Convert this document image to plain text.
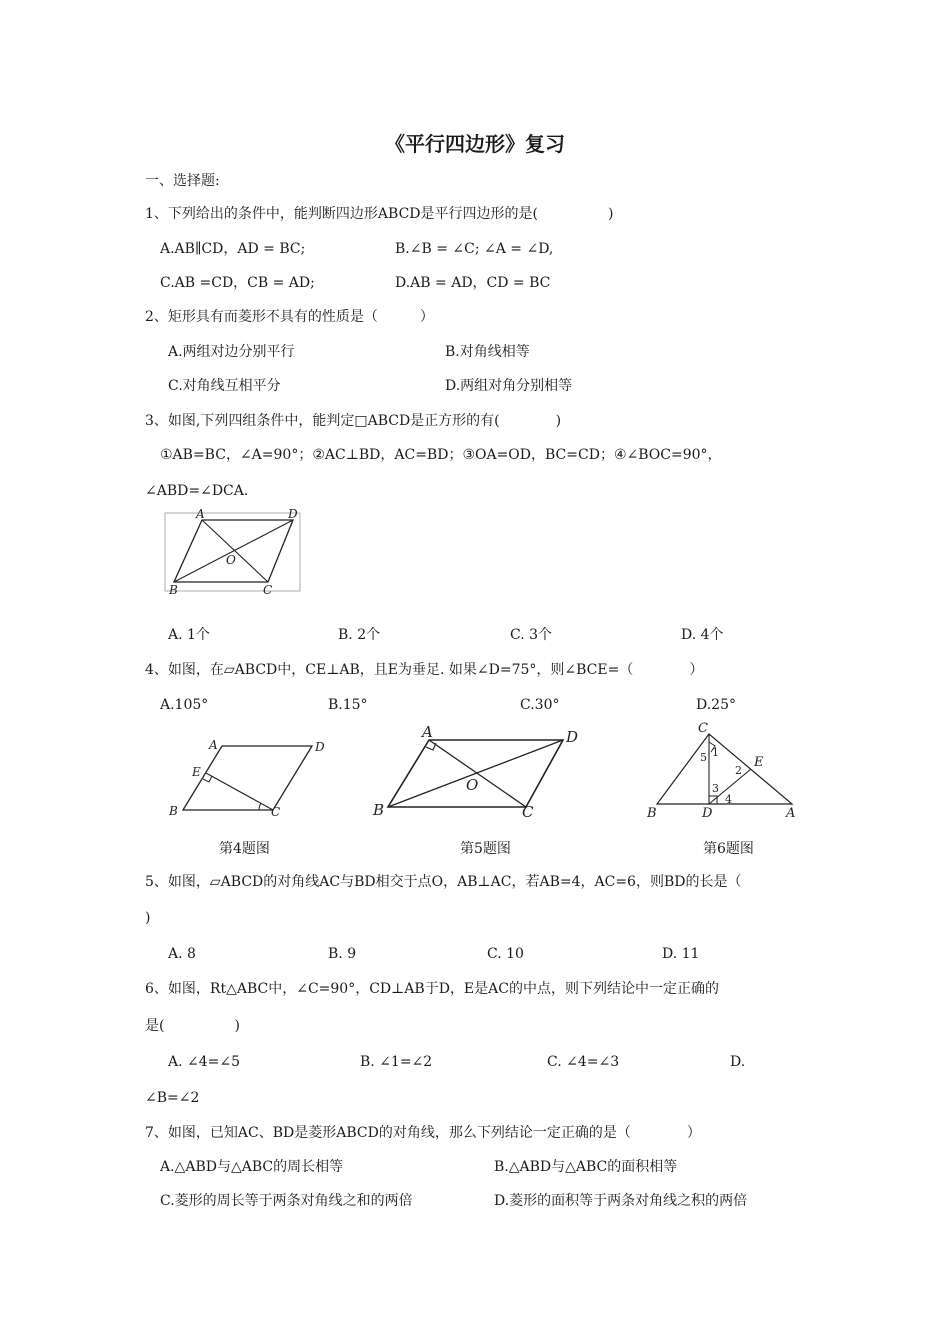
《平行四边形》复习
一、选择题:
1、下列给出的条件中，能判断四边形ABCD是平行四边形的是(　　　　　)
A.AB∥CD，AD = BC;	B.∠B = ∠C; ∠A = ∠D,
C.AB =CD，CB = AD;	D.AB = AD，CD = BC
2、矩形具有而菱形不具有的性质是（　　　）
A.两组对边分别平行	B.对角线相等
C.对角线互相平分	D.两组对角分别相等
3、如图,下列四组条件中，能判定□ABCD是正方形的有(　　　　)
①AB=BC，∠A=90°；②AC⊥BD，AC=BD；③OA=OD，BC=CD；④∠BOC=90°，
∠ABD=∠DCA.
A	D
O
B	C
A. 1个	B. 2个	C. 3个	D. 4个
4、如图，在▱ABCD中，CE⊥AB，且E为垂足. 如果∠D=75°，则∠BCE=（　　　　）
A.105°	B.15°	C.30°	D.25°
A	D
E
B	C
A	D
O
B	C
C
1
5	E
2
3
4
B	D	A
第4题图	第5题图	第6题图
5、如图，▱ABCD的对角线AC与BD相交于点O，AB⊥AC，若AB=4，AC=6，则BD的长是（
)
A. 8	B. 9	C. 10	D. 11
6、如图，Rt△ABC中，∠C=90°，CD⊥AB于D，E是AC的中点，则下列结论中一定正确的
是(　　　　　)
A. ∠4=∠5	B. ∠1=∠2	C. ∠4=∠3	D.
∠B=∠2
7、如图，已知AC、BD是菱形ABCD的对角线，那么下列结论一定正确的是（　　　　）
A.△ABD与△ABC的周长相等	B.△ABD与△ABC的面积相等
C.菱形的周长等于两条对角线之和的两倍	D.菱形的面积等于两条对角线之积的两倍
